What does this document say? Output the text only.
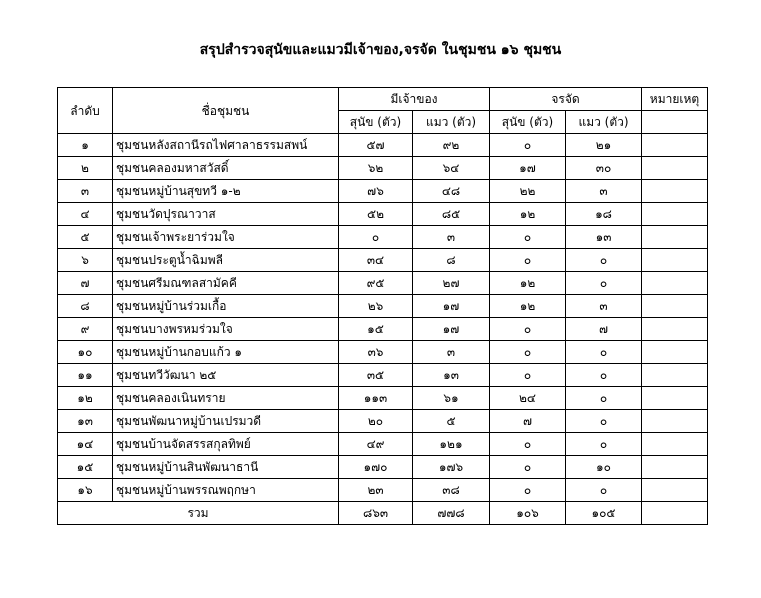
สรุปสำรวจสุนัขและแมวมีเจ้าของ,จรจัด ในชุมชน ๑๖ ชุมชน
ลำดับ	ชื่อชุมชน	มีเจ้าของ		จรจัด		หมายเหตุ
		สุนัข (ตัว)	แมว (ตัว)	สุนัข (ตัว)	แมว (ตัว)	
๑	ชุมชนหลังสถานีรถไฟศาลาธรรมสพน์	๕๗	๙๒	๐	๒๑	
๒	ชุมชนคลองมหาสวัสดิ์	๖๒	๖๔	๑๗	๓๐	
๓	ชุมชนหมู่บ้านสุขทวี ๑-๒	๗๖	๔๘	๒๒	๓	
๔	ชุมชนวัดปุรณาวาส	๕๒	๘๕	๑๒	๑๘	
๕	ชุมชนเจ้าพระยาร่วมใจ	๐	๓	๐	๑๓	
๖	ชุมชนประตูน้ำฉิมพลี	๓๔	๘	๐	๐	
๗	ชุมชนศรีมณฑลสามัคคี	๙๕	๒๗	๑๒	๐	
๘	ชุมชนหมู่บ้านร่วมเกื้อ	๒๖	๑๗	๑๒	๓	
๙	ชุมชนบางพรหมร่วมใจ	๑๕	๑๗	๐	๗	
๑๐	ชุมชนหมู่บ้านกอบแก้ว ๑	๓๖	๓	๐	๐	
๑๑	ชุมชนทวีวัฒนา ๒๕	๓๕	๑๓	๐	๐	
๑๒	ชุมชนคลองเนินทราย	๑๑๓	๖๑	๒๔	๐	
๑๓	ชุมชนพัฒนาหมู่บ้านเปรมวดี	๒๐	๕	๗	๐	
๑๔	ชุมชนบ้านจัดสรรสกุลทิพย์	๔๙	๑๒๑	๐	๐	
๑๕	ชุมชนหมู่บ้านสินพัฒนาธานี	๑๗๐	๑๗๖	๐	๑๐	
๑๖	ชุมชนหมู่บ้านพรรณพฤกษา	๒๓	๓๘	๐	๐	
รวม		๘๖๓	๗๗๘	๑๐๖	๑๐๕	
